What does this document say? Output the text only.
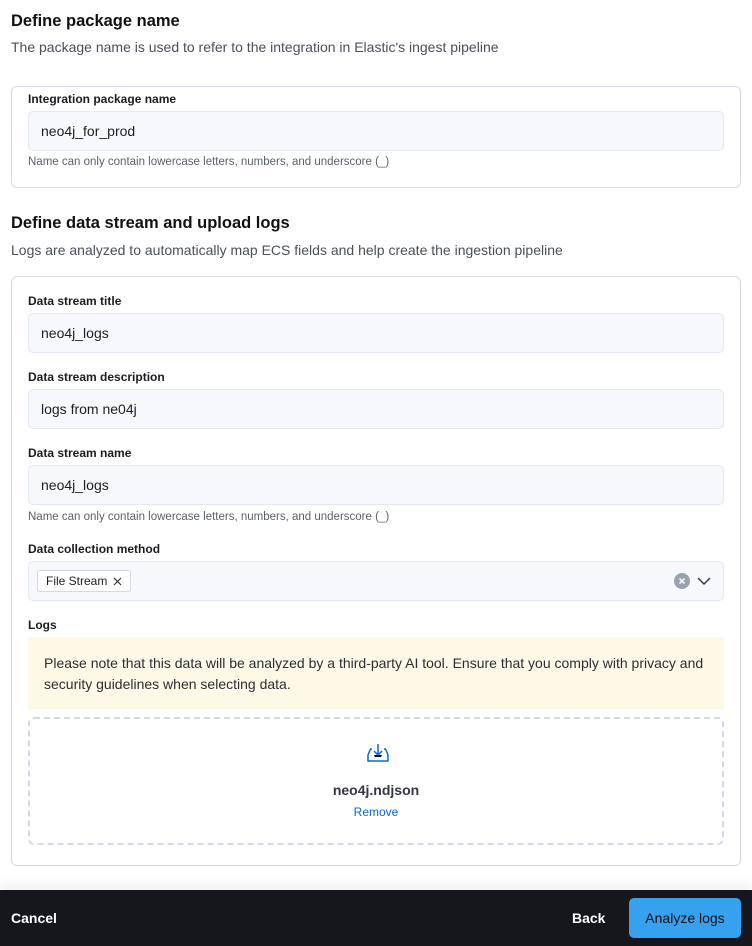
Define package name
The package name is used to refer to the integration in Elastic's ingest pipeline
Integration package name
neo4j_for_prod
Name can only contain lowercase letters, numbers, and underscore (_)
Define data stream and upload logs
Logs are analyzed to automatically map ECS fields and help create the ingestion pipeline
Data stream title
neo4j_logs
Data stream description
logs from ne04j
Data stream name
neo4j_logs
Name can only contain lowercase letters, numbers, and underscore (_)
Data collection method
File Stream
Logs
Please note that this data will be analyzed by a third-party AI tool. Ensure that you comply with privacy and security guidelines when selecting data.
neo4j.ndjson
Remove
Cancel	Back	Analyze logs
